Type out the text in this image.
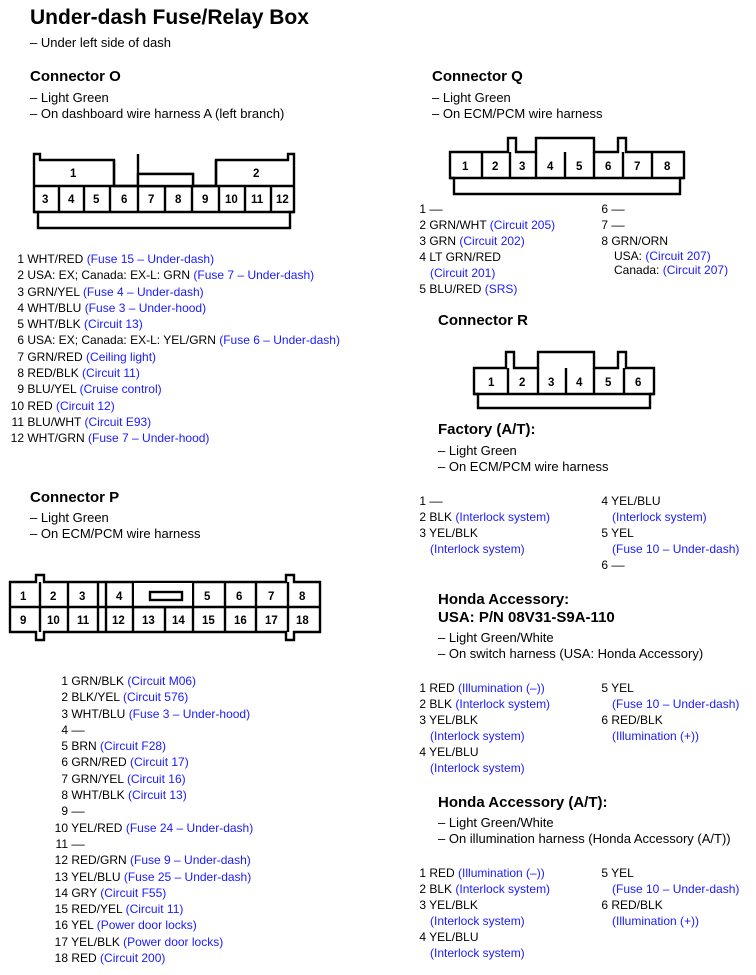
Under-dash Fuse/Relay Box
– Under left side of dash
Connector O
– Light Green
– On dashboard wire harness A (left branch)
1	2
3 4 5 6 7 8 9 10 11 12
1 WHT/RED (Fuse 15 – Under-dash)
2 USA: EX; Canada: EX-L: GRN (Fuse 7 – Under-dash)
3 GRN/YEL (Fuse 4 – Under-dash)
4 WHT/BLU (Fuse 3 – Under-hood)
5 WHT/BLK (Circuit 13)
6 USA: EX; Canada: EX-L: YEL/GRN (Fuse 6 – Under-dash)
7 GRN/RED (Ceiling light)
8 RED/BLK (Circuit 11)
9 BLU/YEL (Cruise control)
10 RED (Circuit 12)
11 BLU/WHT (Circuit E93)
12 WHT/GRN (Fuse 7 – Under-hood)
Connector P
– Light Green
– On ECM/PCM wire harness
1 2 3	4	5 6 7 8
9 10 11 12 13 14 15 16 17 18
1 GRN/BLK (Circuit M06)
2 BLK/YEL (Circuit 576)
3 WHT/BLU (Fuse 3 – Under-hood)
4 ––
5 BRN (Circuit F28)
6 GRN/RED (Circuit 17)
7 GRN/YEL (Circuit 16)
8 WHT/BLK (Circuit 13)
9 ––
10 YEL/RED (Fuse 24 – Under-dash)
11 ––
12 RED/GRN (Fuse 9 – Under-dash)
13 YEL/BLU (Fuse 25 – Under-dash)
14 GRY (Circuit F55)
15 RED/YEL (Circuit 11)
16 YEL (Power door locks)
17 YEL/BLK (Power door locks)
18 RED (Circuit 200)
Connector Q
– Light Green
– On ECM/PCM wire harness
1 2 3 4 5 6 7 8
1 ––
2 GRN/WHT (Circuit 205)
3 GRN (Circuit 202)
4 LT GRN/RED
(Circuit 201)
5 BLU/RED (SRS)
6 ––
7 ––
8 GRN/ORN
USA: (Circuit 207)
Canada: (Circuit 207)
Connector R
1 2 3 4 5 6
Factory (A/T):
– Light Green
– On ECM/PCM wire harness
1 ––
2 BLK (Interlock system)
3 YEL/BLK
(Interlock system)
4 YEL/BLU
(Interlock system)
5 YEL
(Fuse 10 – Under-dash)
6 ––
Honda Accessory:
USA: P/N 08V31-S9A-110
– Light Green/White
– On switch harness (USA: Honda Accessory)
1 RED (Illumination (–))
2 BLK (Interlock system)
3 YEL/BLK
(Interlock system)
4 YEL/BLU
(Interlock system)
5 YEL
(Fuse 10 – Under-dash)
6 RED/BLK
(Illumination (+))
Honda Accessory (A/T):
– Light Green/White
– On illumination harness (Honda Accessory (A/T))
1 RED (Illumination (–))
2 BLK (Interlock system)
3 YEL/BLK
(Interlock system)
4 YEL/BLU
(Interlock system)
5 YEL
(Fuse 10 – Under-dash)
6 RED/BLK
(Illumination (+))
